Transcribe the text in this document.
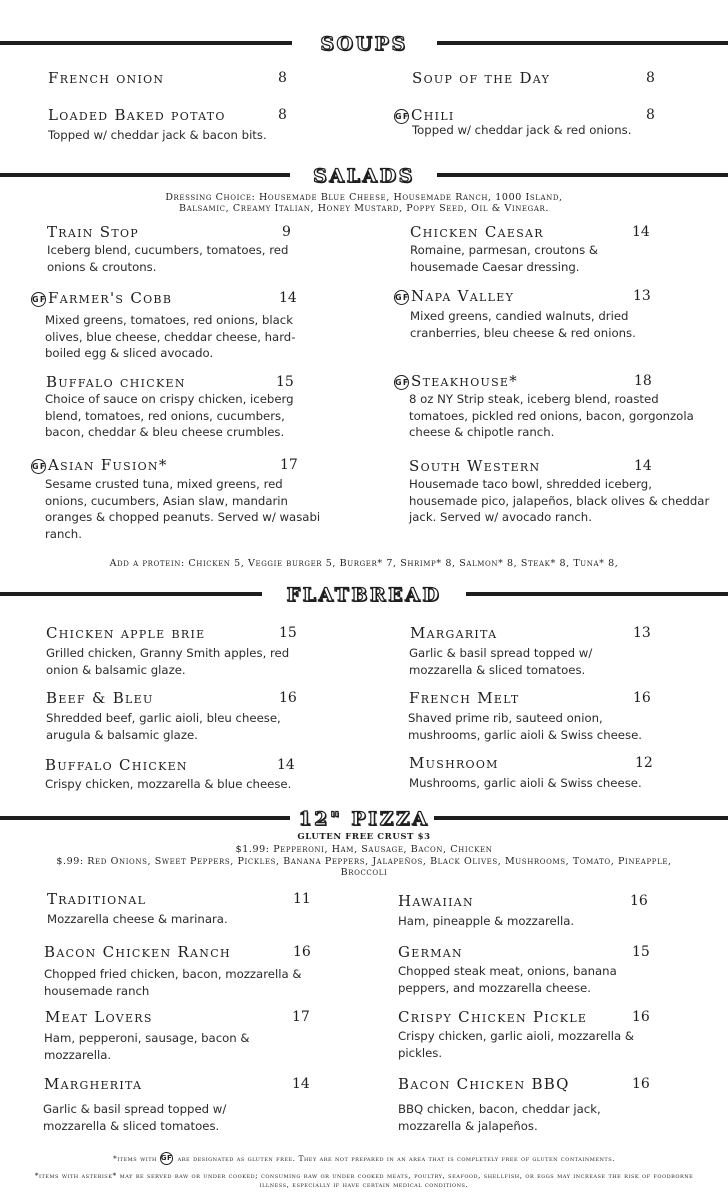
SOUPS
French onion	8	Soup of the Day	8
Loaded Baked potato	8
Topped w/ cheddar jack & bacon bits.
GFChili	8
Topped w/ cheddar jack & red onions.
SALADS
Dressing Choice: Housemade Blue Cheese, Housemade Ranch, 1000 Island, Balsamic, Creamy Italian, Honey Mustard, Poppy Seed, Oil & Vinegar.
Train Stop	9
Iceberg blend, cucumbers, tomatoes, red onions & croutons.
Chicken Caesar	14
Romaine, parmesan, croutons & housemade Caesar dressing.
GFFarmer's Cobb	14
Mixed greens, tomatoes, red onions, black olives, blue cheese, cheddar cheese, hard-boiled egg & sliced avocado.
GFNapa Valley	13
Mixed greens, candied walnuts, dried cranberries, bleu cheese & red onions.
Buffalo chicken	15
Choice of sauce on crispy chicken, iceberg blend, tomatoes, red onions, cucumbers, bacon, cheddar & bleu cheese crumbles.
GFSteakhouse*	18
8 oz NY Strip steak, iceberg blend, roasted tomatoes, pickled red onions, bacon, gorgonzola cheese & chipotle ranch.
GFAsian Fusion*	17
Sesame crusted tuna, mixed greens, red onions, cucumbers, Asian slaw, mandarin oranges & chopped peanuts. Served w/ wasabi ranch.
South Western	14
Housemade taco bowl, shredded iceberg, housemade pico, jalapeños, black olives & cheddar jack. Served w/ avocado ranch.
Add a protein: Chicken 5, Veggie burger 5, Burger* 7, Shrimp* 8, Salmon* 8, Steak* 8, Tuna* 8,
FLATBREAD
Chicken apple brie	15
Grilled chicken, Granny Smith apples, red onion & balsamic glaze.
Margarita	13
Garlic & basil spread topped w/ mozzarella & sliced tomatoes.
Beef & Bleu	16
Shredded beef, garlic aioli, bleu cheese, arugula & balsamic glaze.
French Melt	16
Shaved prime rib, sauteed onion, mushrooms, garlic aioli & Swiss cheese.
Buffalo Chicken	14
Crispy chicken, mozzarella & blue cheese.
Mushroom	12
Mushrooms, garlic aioli & Swiss cheese.
12" PIZZA
GLUTEN FREE CRUST $3
$1.99: Pepperoni, Ham, Sausage, Bacon, Chicken
$.99: Red Onions, Sweet Peppers, Pickles, Banana Peppers, Jalapeños, Black Olives, Mushrooms, Tomato, Pineapple, Broccoli
Traditional	11
Mozzarella cheese & marinara.
Hawaiian	16
Ham, pineapple & mozzarella.
Bacon Chicken Ranch	16
Chopped fried chicken, bacon, mozzarella & housemade ranch
German	15
Chopped steak meat, onions, banana peppers, and mozzarella cheese.
Meat Lovers	17
Ham, pepperoni, sausage, bacon & mozzarella.
Crispy Chicken Pickle	16
Crispy chicken, garlic aioli, mozzarella & pickles.
Margherita	14
Garlic & basil spread topped w/ mozzarella & sliced tomatoes.
Bacon Chicken BBQ	16
BBQ chicken, bacon, cheddar jack, mozzarella & jalapeños.
*items with GF are designated as gluten free. They are not prepared in an area that is completely free of gluten containments.
*items with asterisk* may be served raw or under cooked; consuming raw or under cooked meats, poultry, seafood, shellfish, or eggs may increase the risk of foodborne illness, especially if have certain medical conditions.
